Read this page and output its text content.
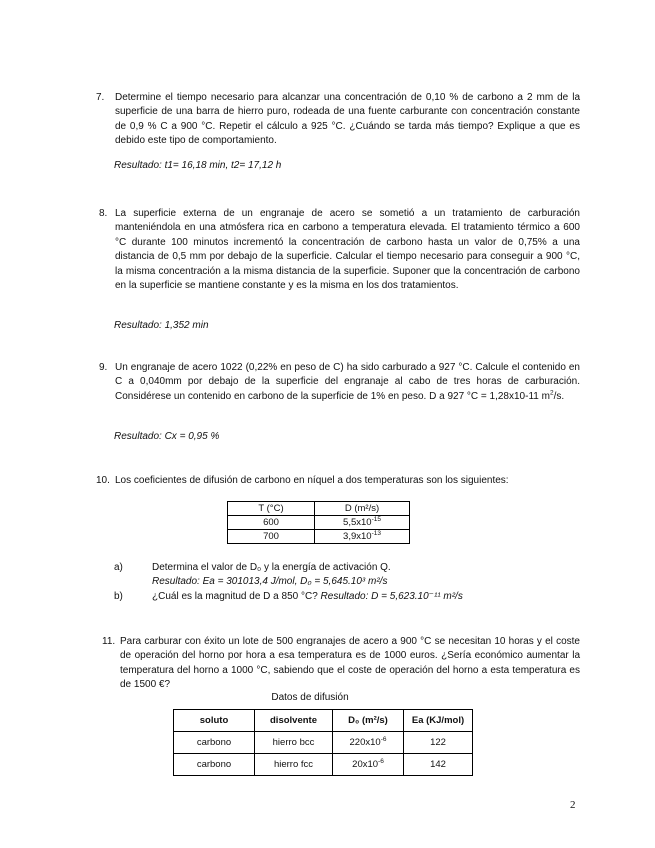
7. Determine el tiempo necesario para alcanzar una concentración de 0,10 % de carbono a 2 mm de la superficie de una barra de hierro puro, rodeada de una fuente carburante con concentración constante de 0,9 % C a 900 °C. Repetir el cálculo a 925 °C. ¿Cuándo se tarda más tiempo? Explique a que es debido este tipo de comportamiento.
Resultado: t1= 16,18 min, t2= 17,12 h
8. La superficie externa de un engranaje de acero se sometió a un tratamiento de carburación manteniéndola en una atmósfera rica en carbono a temperatura elevada. El tratamiento térmico a 600 °C durante 100 minutos incrementó la concentración de carbono hasta un valor de 0,75% a una distancia de 0,5 mm por debajo de la superficie. Calcular el tiempo necesario para conseguir a 900 °C, la misma concentración a la misma distancia de la superficie. Suponer que la concentración de carbono en la superficie se mantiene constante y es la misma en los dos tratamientos.
Resultado: 1,352 min
9. Un engranaje de acero 1022 (0,22% en peso de C) ha sido carburado a 927 °C. Calcule el contenido en C a 0,040mm por debajo de la superficie del engranaje al cabo de tres horas de carburación. Considérese un contenido en carbono de la superficie de 1% en peso. D a 927 °C = 1,28x10-11 $m^2/s$.
Resultado: Cx = 0,95 %
10. Los coeficientes de difusión de carbono en níquel a dos temperaturas son los siguientes:
T (°C)	D (m²/s)
600	$5,5x10^{-15}$
700	$3,9x10^{-13}$
a)	Determina el valor de D₀ y la energía de activación Q.
Resultado: Ea = 301013,4 J/mol, D₀ = 5,645.10³ m²/s
b)	¿Cuál es la magnitud de D a 850 °C? Resultado: D = 5,623.10⁻¹¹ m²/s
11. Para carburar con éxito un lote de 500 engranajes de acero a 900 °C se necesitan 10 horas y el coste de operación del horno por hora a esa temperatura es de 1000 euros. ¿Sería económico aumentar la temperatura del horno a 1000 °C, sabiendo que el coste de operación del horno a esta temperatura es de 1500 €?
Datos de difusión
soluto	disolvente	D₀ (m²/s)	Ea (KJ/mol)
carbono	hierro bcc	$220x10^{-6}$	122
carbono	hierro fcc	$20x10^{-6}$	142
2
